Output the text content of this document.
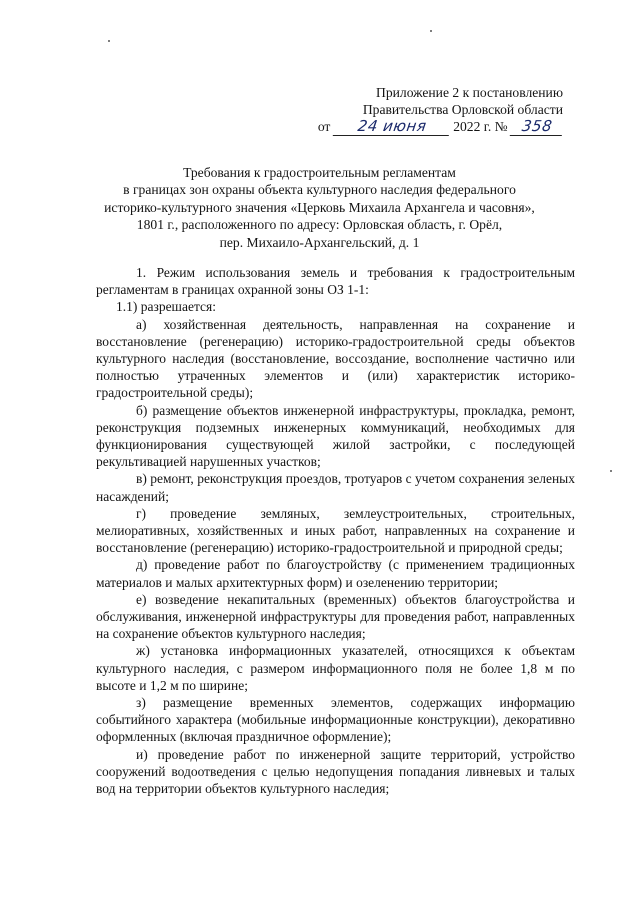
Приложение 2 к постановлению
Правительства Орловской области
от 24 июня 2022 г. № 358
Требования к градостроительным регламентам
в границах зон охраны объекта культурного наследия федерального
историко-культурного значения «Церковь Михаила Архангела и часовня»,
1801 г., расположенного по адресу: Орловская область, г. Орёл,
пер. Михаило-Архангельский, д. 1

1. Режим использования земель и требования к градостроительным регламентам в границах охранной зоны ОЗ 1-1:

1.1) разрешается:

а) хозяйственная деятельность, направленная на сохранение и восстановление (регенерацию) историко-градостроительной среды объектов культурного наследия (восстановление, воссоздание, восполнение частично или полностью утраченных элементов и (или) характеристик историко-градостроительной среды);

б) размещение объектов инженерной инфраструктуры, прокладка, ремонт, реконструкция подземных инженерных коммуникаций, необходимых для функционирования существующей жилой застройки, с последующей рекультивацией нарушенных участков;

в) ремонт, реконструкция проездов, тротуаров с учетом сохранения зеленых насаждений;

г) проведение земляных, землеустроительных, строительных, мелиоративных, хозяйственных и иных работ, направленных на сохранение и восстановление (регенерацию) историко-градостроительной и природной среды;

д) проведение работ по благоустройству (с применением традиционных материалов и малых архитектурных форм) и озеленению территории;

е) возведение некапитальных (временных) объектов благоустройства и обслуживания, инженерной инфраструктуры для проведения работ, направленных на сохранение объектов культурного наследия;

ж) установка информационных указателей, относящихся к объектам культурного наследия, с размером информационного поля не более 1,8 м по высоте и 1,2 м по ширине;

з) размещение временных элементов, содержащих информацию событийного характера (мобильные информационные конструкции), декоративно оформленных (включая праздничное оформление);

и) проведение работ по инженерной защите территорий, устройство сооружений водоотведения с целью недопущения попадания ливневых и талых вод на территории объектов культурного наследия;
